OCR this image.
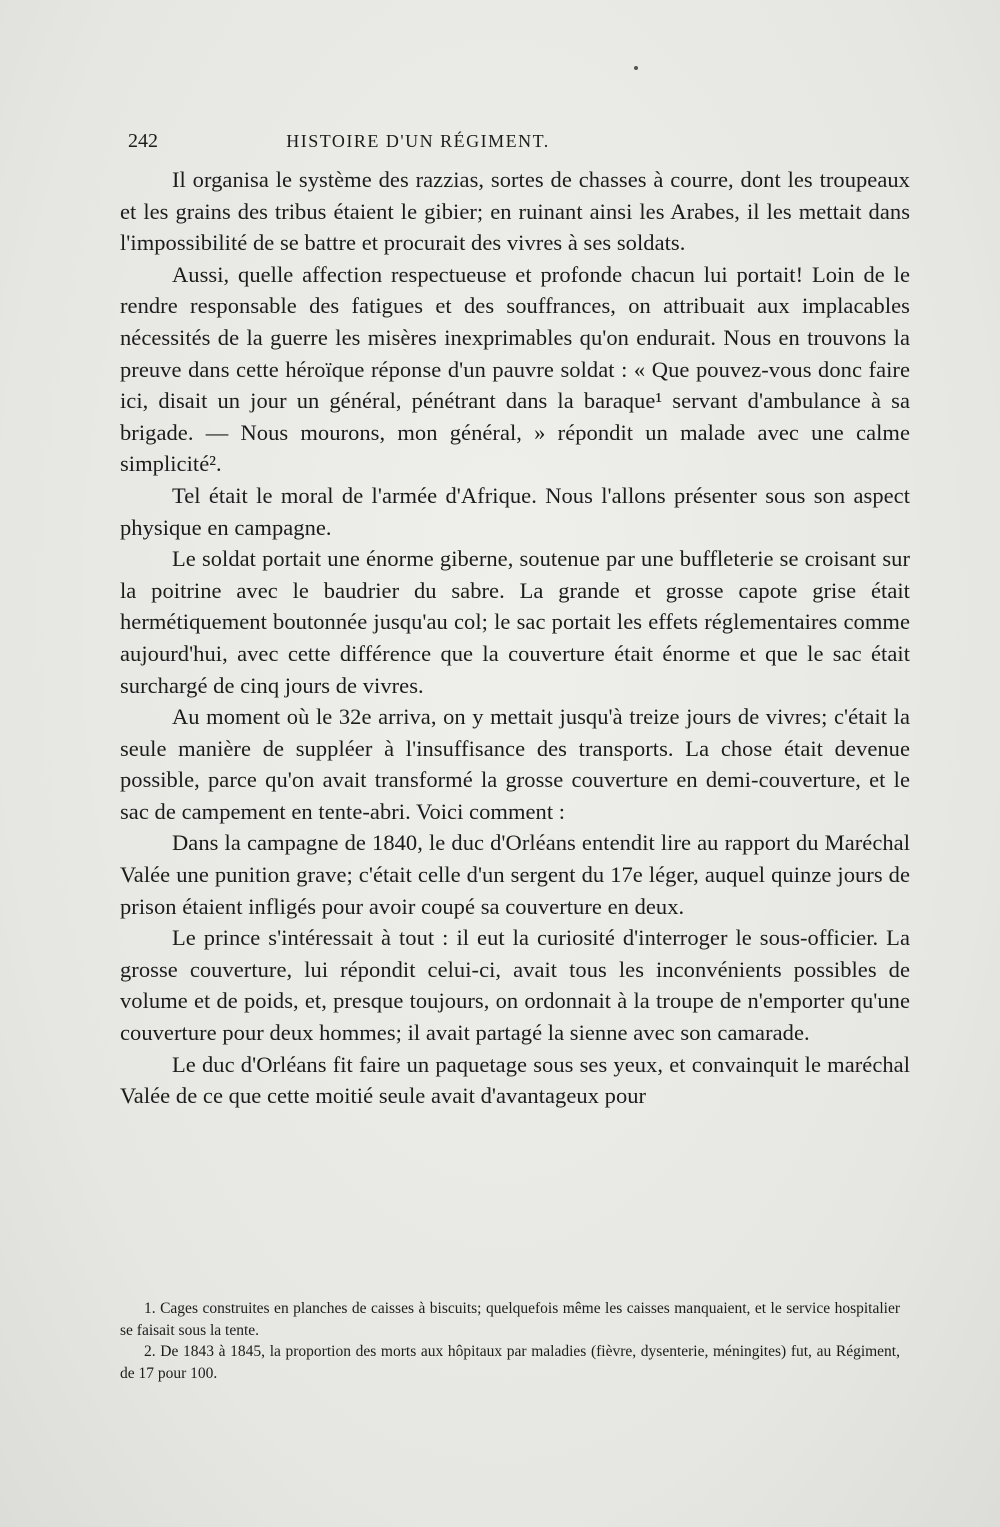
242	HISTOIRE D'UN RÉGIMENT.

Il organisa le système des razzias, sortes de chasses à courre, dont les troupeaux et les grains des tribus étaient le gibier; en ruinant ainsi les Arabes, il les mettait dans l'impossibilité de se battre et procurait des vivres à ses soldats.

Aussi, quelle affection respectueuse et profonde chacun lui portait! Loin de le rendre responsable des fatigues et des souffrances, on attribuait aux implacables nécessités de la guerre les misères inexprimables qu'on endurait. Nous en trouvons la preuve dans cette héroïque réponse d'un pauvre soldat : « Que pouvez-vous donc faire ici, disait un jour un général, pénétrant dans la baraque¹ servant d'ambulance à sa brigade. — Nous mourons, mon général, » répondit un malade avec une calme simplicité².

Tel était le moral de l'armée d'Afrique. Nous l'allons présenter sous son aspect physique en campagne.

Le soldat portait une énorme giberne, soutenue par une buffleterie se croisant sur la poitrine avec le baudrier du sabre. La grande et grosse capote grise était hermétiquement boutonnée jusqu'au col; le sac portait les effets réglementaires comme aujourd'hui, avec cette différence que la couverture était énorme et que le sac était surchargé de cinq jours de vivres.

Au moment où le 32e arriva, on y mettait jusqu'à treize jours de vivres; c'était la seule manière de suppléer à l'insuffisance des transports. La chose était devenue possible, parce qu'on avait transformé la grosse couverture en demi-couverture, et le sac de campement en tente-abri. Voici comment :

Dans la campagne de 1840, le duc d'Orléans entendit lire au rapport du Maréchal Valée une punition grave; c'était celle d'un sergent du 17e léger, auquel quinze jours de prison étaient infligés pour avoir coupé sa couverture en deux.

Le prince s'intéressait à tout : il eut la curiosité d'interroger le sous-officier. La grosse couverture, lui répondit celui-ci, avait tous les inconvénients possibles de volume et de poids, et, presque toujours, on ordonnait à la troupe de n'emporter qu'une couverture pour deux hommes; il avait partagé la sienne avec son camarade.

Le duc d'Orléans fit faire un paquetage sous ses yeux, et convainquit le maréchal Valée de ce que cette moitié seule avait d'avantageux pour

1. Cages construites en planches de caisses à biscuits; quelquefois même les caisses manquaient, et le service hospitalier se faisait sous la tente.

2. De 1843 à 1845, la proportion des morts aux hôpitaux par maladies (fièvre, dysenterie, méningites) fut, au Régiment, de 17 pour 100.
